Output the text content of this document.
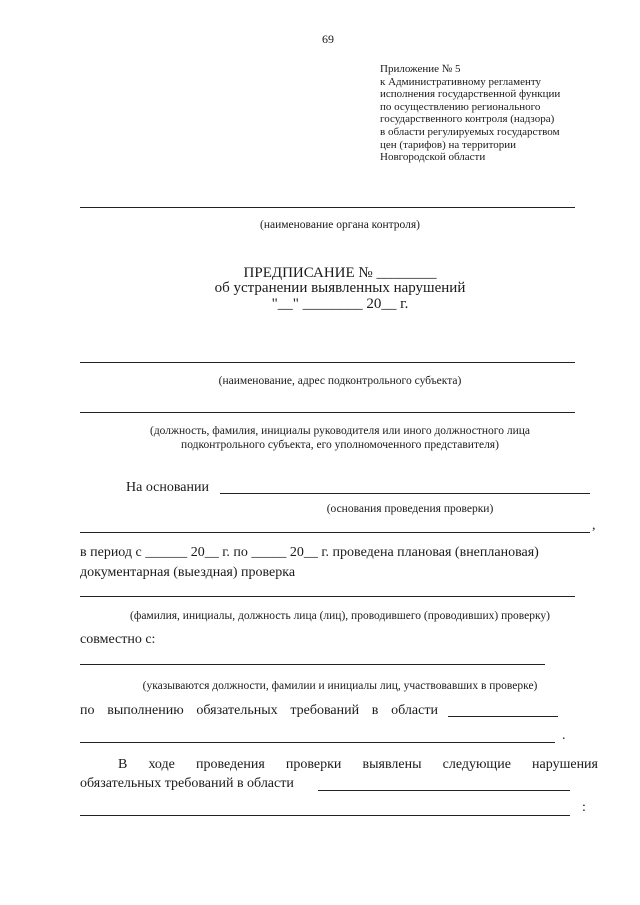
69
Приложение № 5
к Административному регламенту
исполнения государственной функции
по осуществлению регионального
государственного контроля (надзора)
в области регулируемых государством
цен (тарифов) на территории
Новгородской области
(наименование органа контроля)
ПРЕДПИСАНИЕ № ________
об устранении выявленных нарушений
"__" ________ 20__ г.
(наименование, адрес подконтрольного субъекта)
(должность, фамилия, инициалы руководителя или иного должностного лица
подконтрольного субъекта, его уполномоченного представителя)
На основании
(основания проведения проверки)
,
в период с ______ 20__ г. по _____ 20__ г. проведена плановая (внеплановая)
документарная (выездная) проверка
(фамилия, инициалы, должность лица (лиц), проводившего (проводивших) проверку)
совместно с:
(указываются должности, фамилии и инициалы лиц, участвовавших в проверке)
по выполнению обязательных требований в области
.
В ходе проведения проверки выявлены следующие нарушения
обязательных требований в области
:
